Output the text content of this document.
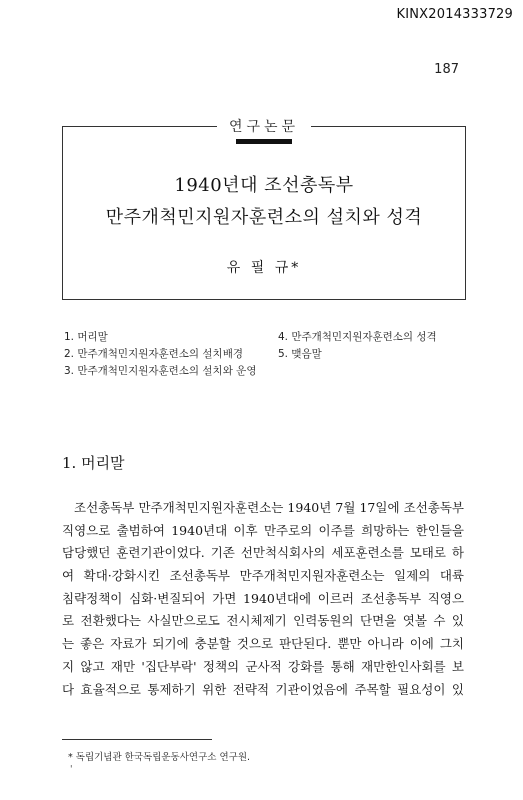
KINX2014333729
187
연구논문
1940년대 조선총독부
만주개척민지원자훈련소의 설치와 성격
유 필 규*
1. 머리말
2. 만주개척민지원자훈련소의 설치배경
3. 만주개척민지원자훈련소의 설치와 운영
4. 만주개척민지원자훈련소의 성격
5. 맺음말
1. 머리말
조선총독부 만주개척민지원자훈련소는 1940년 7월 17일에 조선총독부
직영으로 출범하여 1940년대 이후 만주로의 이주를 희망하는 한인들을
담당했던 훈련기관이었다. 기존 선만척식회사의 세포훈련소를 모태로 하
여 확대·강화시킨 조선총독부 만주개척민지원자훈련소는 일제의 대륙
침략정책이 심화·변질되어 가면 1940년대에 이르러 조선총독부 직영으
로 전환했다는 사실만으로도 전시체제기 인력동원의 단면을 엿볼 수 있
는 좋은 자료가 되기에 충분할 것으로 판단된다. 뿐만 아니라 이에 그치
지 않고 재만 '집단부락' 정책의 군사적 강화를 통해 재만한인사회를 보
다 효율적으로 통제하기 위한 전략적 기관이었음에 주목할 필요성이 있
* 독립기념관 한국독립운동사연구소 연구원.
'
